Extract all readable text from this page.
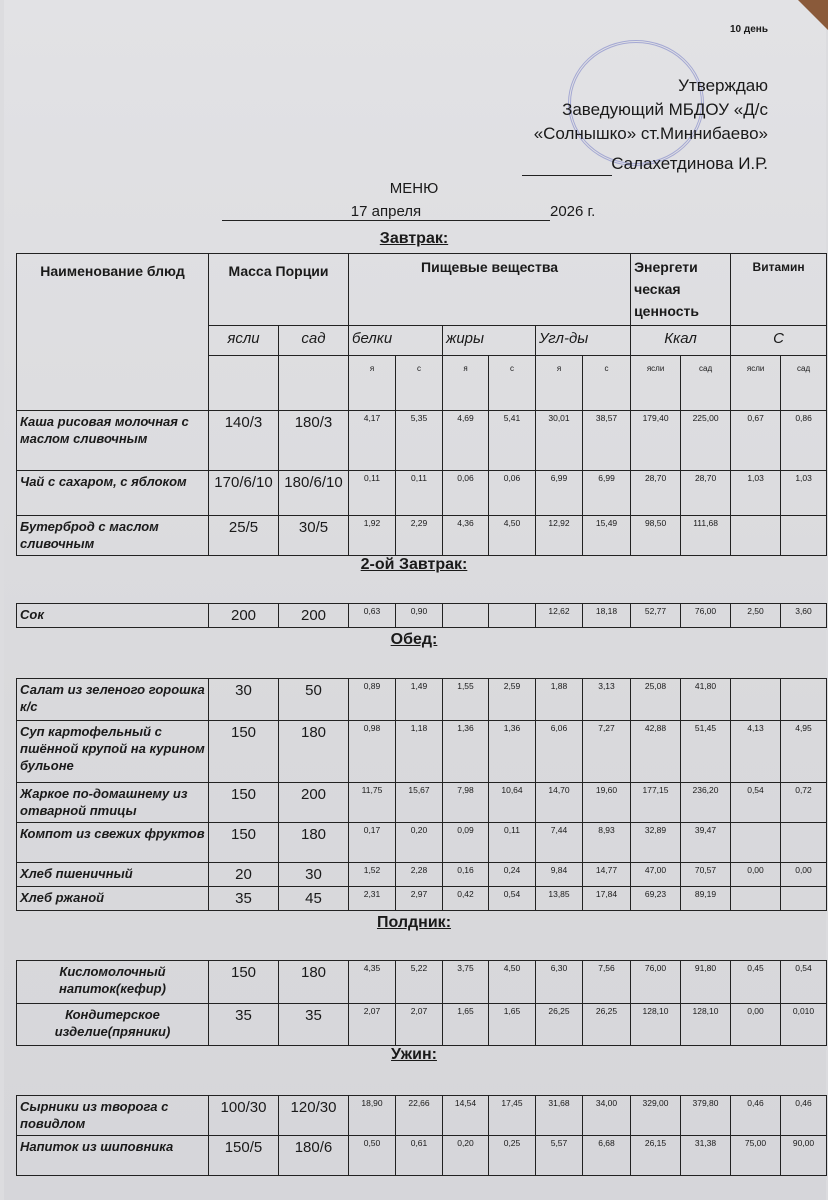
10 день
Утверждаю
Заведующий МБДОУ «Д/с
«Солнышко» ст.Миннибаево»
Салахетдинова И.Р.
МЕНЮ
17 апреля	2026 г.
Завтрак:
Наименование блюд	Масса Порции		Пищевые вещества						Энергети ческая ценность		Витамин	
	ясли	сад	белки		жиры		Угл-ды		Ккал		С	
			я	с	я	с	я	с	ясли	сад	ясли	сад
Каша рисовая молочная с маслом сливочным	140/3	180/3	4,17	5,35	4,69	5,41	30,01	38,57	179,40	225,00	0,67	0,86
Чай с сахаром, с яблоком	170/6/10	180/6/10	0,11	0,11	0,06	0,06	6,99	6,99	28,70	28,70	1,03	1,03
Бутерброд с маслом сливочным	25/5	30/5	1,92	2,29	4,36	4,50	12,92	15,49	98,50	111,68		
2-ой Завтрак:
Сок	200	200	0,63	0,90			12,62	18,18	52,77	76,00	2,50	3,60
Обед:
Салат из зеленого горошка к/с	30	50	0,89	1,49	1,55	2,59	1,88	3,13	25,08	41,80		
Суп картофельный с пшённой крупой на курином бульоне	150	180	0,98	1,18	1,36	1,36	6,06	7,27	42,88	51,45	4,13	4,95
Жаркое по-домашнему из отварной птицы	150	200	11,75	15,67	7,98	10,64	14,70	19,60	177,15	236,20	0,54	0,72
Компот из свежих фруктов	150	180	0,17	0,20	0,09	0,11	7,44	8,93	32,89	39,47		
Хлеб пшеничный	20	30	1,52	2,28	0,16	0,24	9,84	14,77	47,00	70,57	0,00	0,00
Хлеб ржаной	35	45	2,31	2,97	0,42	0,54	13,85	17,84	69,23	89,19		
Полдник:
Кисломолочный напиток(кефир)	150	180	4,35	5,22	3,75	4,50	6,30	7,56	76,00	91,80	0,45	0,54
Кондитерское изделие(пряники)	35	35	2,07	2,07	1,65	1,65	26,25	26,25	128,10	128,10	0,00	0,010
Ужин:
Сырники из творога с повидлом	100/30	120/30	18,90	22,66	14,54	17,45	31,68	34,00	329,00	379,80	0,46	0,46
Напиток из шиповника	150/5	180/6	0,50	0,61	0,20	0,25	5,57	6,68	26,15	31,38	75,00	90,00
